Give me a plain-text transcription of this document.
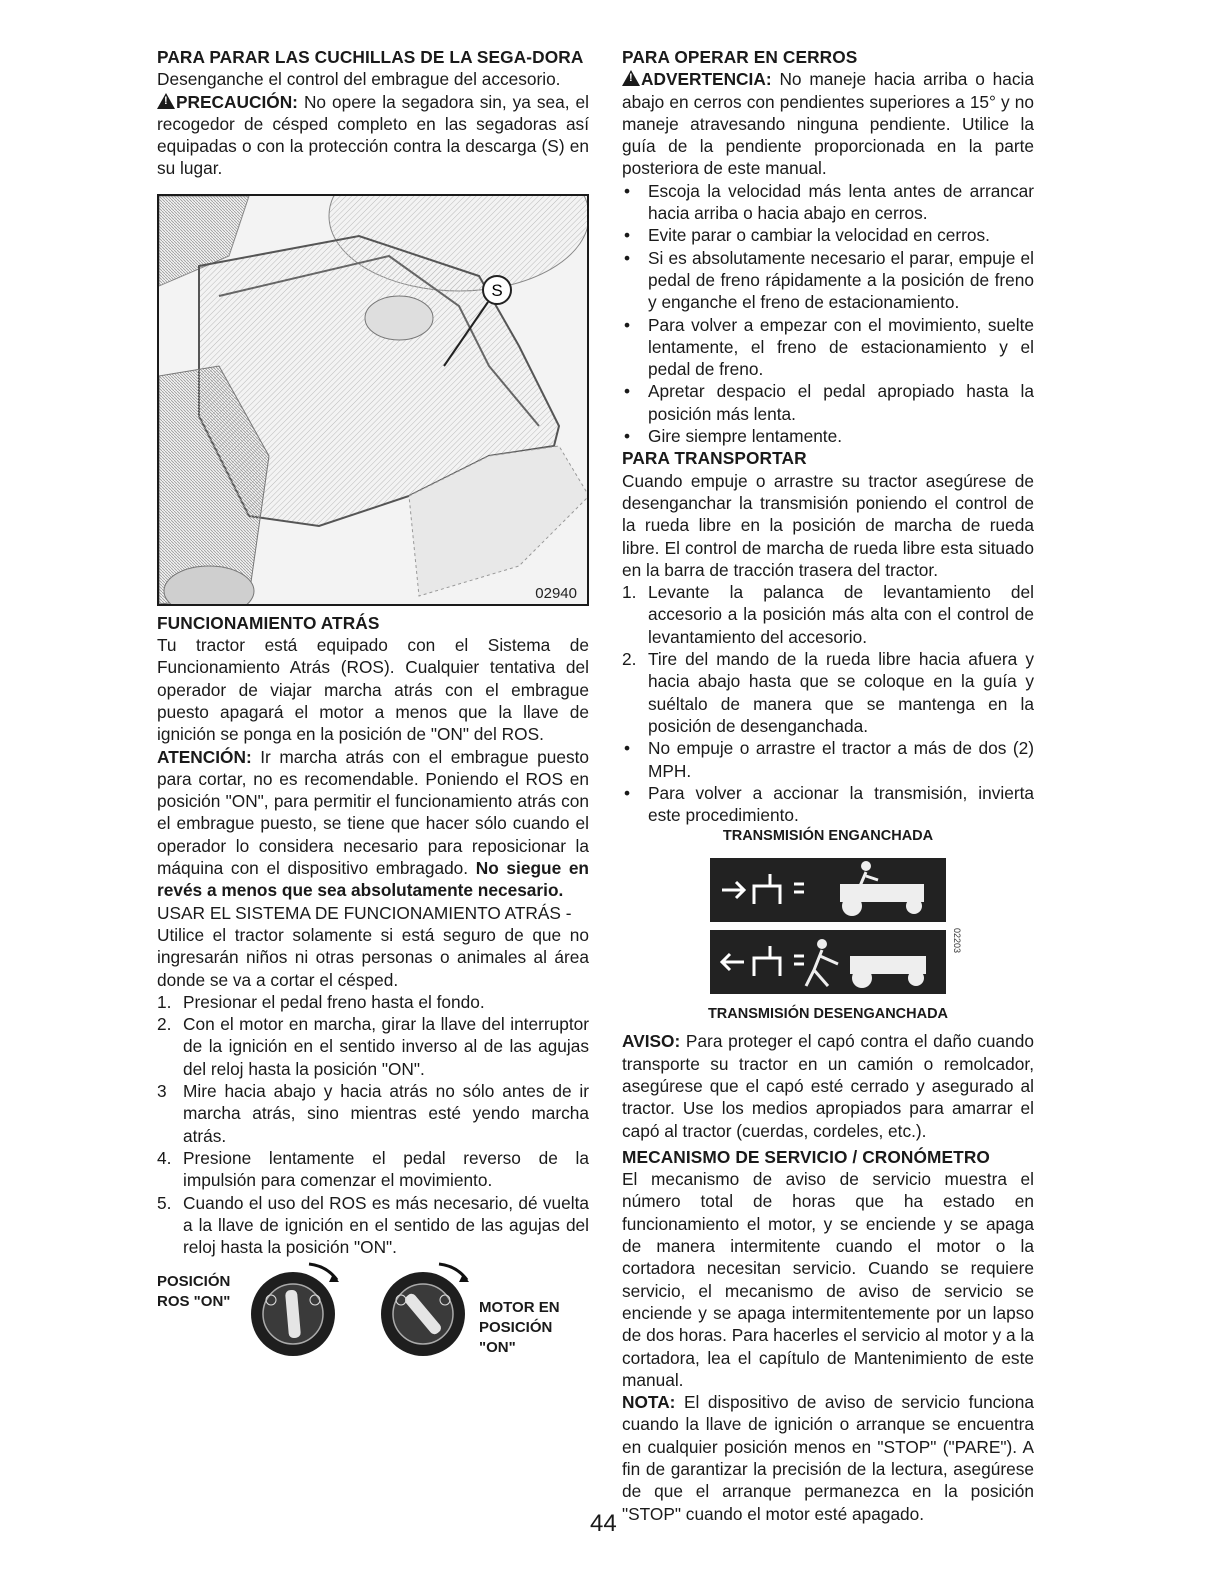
PARA PARAR LAS CUCHILLAS DE LA SEGA-DORA

Desenganche el control del embrague del accesorio.

!PRECAUCIÓN: No opere la segadora sin, ya sea, el recogedor de césped completo en las segadoras así equipadas o con la protección contra la descarga (S) en su lugar.

S
02940
FUNCIONAMIENTO ATRÁS

Tu tractor está equipado con el Sistema de Funcionamiento Atrás (ROS). Cualquier tentativa del operador de viajar marcha atrás con el embrague puesto apagará el motor a menos que la llave de ignición se ponga en la posición de "ON" del ROS.

ATENCIÓN: Ir marcha atrás con el embrague puesto para cortar, no es recomendable. Poniendo el ROS en posición "ON", para permitir el funcionamiento atrás con el embrague puesto, se tiene que hacer sólo cuando el operador lo considera necesario para reposicionar la máquina con el dispositivo embragado. No siegue en revés a menos que sea absolutamente necesario.

USAR EL SISTEMA DE FUNCIONAMIENTO ATRÁS -

Utilice el tractor solamente si está seguro de que no ingresarán niños ni otras personas o animales al área donde se va a cortar el césped.

1. Presionar el pedal freno hasta el fondo.
2. Con el motor en marcha, girar la llave del interruptor de la ignición en el sentido inverso al de las agujas del reloj hasta la posición "ON".
3 Mire hacia abajo y hacia atrás no sólo antes de ir marcha atrás, sino mientras esté yendo marcha atrás.
4. Presione lentamente el pedal reverso de la impulsión para comenzar el movimiento.
5. Cuando el uso del ROS es más necesario, dé vuelta a la llave de ignición en el sentido de las agujas del reloj hasta la posición "ON".
POSICIÓN ROS "ON"	MOTOR EN POSICIÓN "ON"
PARA OPERAR EN CERROS

!ADVERTENCIA: No maneje hacia arriba o hacia abajo en cerros con pendientes superiores a 15° y no maneje atravesando ninguna pendiente. Utilice la guía de la pendiente proporcionada en la parte posteriora de este manual.

• Escoja la velocidad más lenta antes de arrancar hacia arriba o hacia abajo en cerros.
• Evite parar o cambiar la velocidad en cerros.
• Si es absolutamente necesario el parar, empuje el pedal de freno rápidamente a la posición de freno y enganche el freno de estacionamiento.
• Para volver a empezar con el movimiento, suelte lentamente, el freno de estacionamiento y el pedal de freno.
• Apretar despacio el pedal apropiado hasta la posición más lenta.
• Gire siempre lentamente.
PARA TRANSPORTAR

Cuando empuje o arrastre su tractor asegúrese de desenganchar la transmisión poniendo el control de la rueda libre en la posición de marcha de rueda libre. El control de marcha de rueda libre esta situado en la barra de tracción trasera del tractor.

1. Levante la palanca de levantamiento del accesorio a la posición más alta con el control de levantamiento del accesorio.
2. Tire del mando de la rueda libre hacia afuera y hacia abajo hasta que se coloque en la guía y suéltalo de manera que se mantenga en la posición de desenganchada.
• No empuje o arrastre el tractor a más de dos (2) MPH.
• Para volver a accionar la transmisión, invierta este procedimiento.

TRANSMISIÓN ENGANCHADA

02203

TRANSMISIÓN DESENGANCHADA

AVISO: Para proteger el capó contra el daño cuando transporte su tractor en un camión o remolcador, asegúrese que el capó esté cerrado y asegurado al tractor. Use los medios apropiados para amarrar el capó al tractor (cuerdas, cordeles, etc.).

MECANISMO DE SERVICIO / CRONÓMETRO

El mecanismo de aviso de servicio muestra el número total de horas que ha estado en funcionamiento el motor, y se enciende y se apaga de manera intermitente cuando el motor o la cortadora necesitan servicio. Cuando se requiere servicio, el mecanismo de aviso de servicio se enciende y se apaga intermitentemente por un lapso de dos horas. Para hacerles el servicio al motor y a la cortadora, lea el capítulo de Mantenimiento de este manual.

NOTA: El dispositivo de aviso de servicio funciona cuando la llave de ignición o arranque se encuentra en cualquier posición menos en "STOP" ("PARE"). A fin de garantizar la precisión de la lectura, asegúrese de que el arranque permanezca en la posición "STOP" cuando el motor esté apagado.

44
